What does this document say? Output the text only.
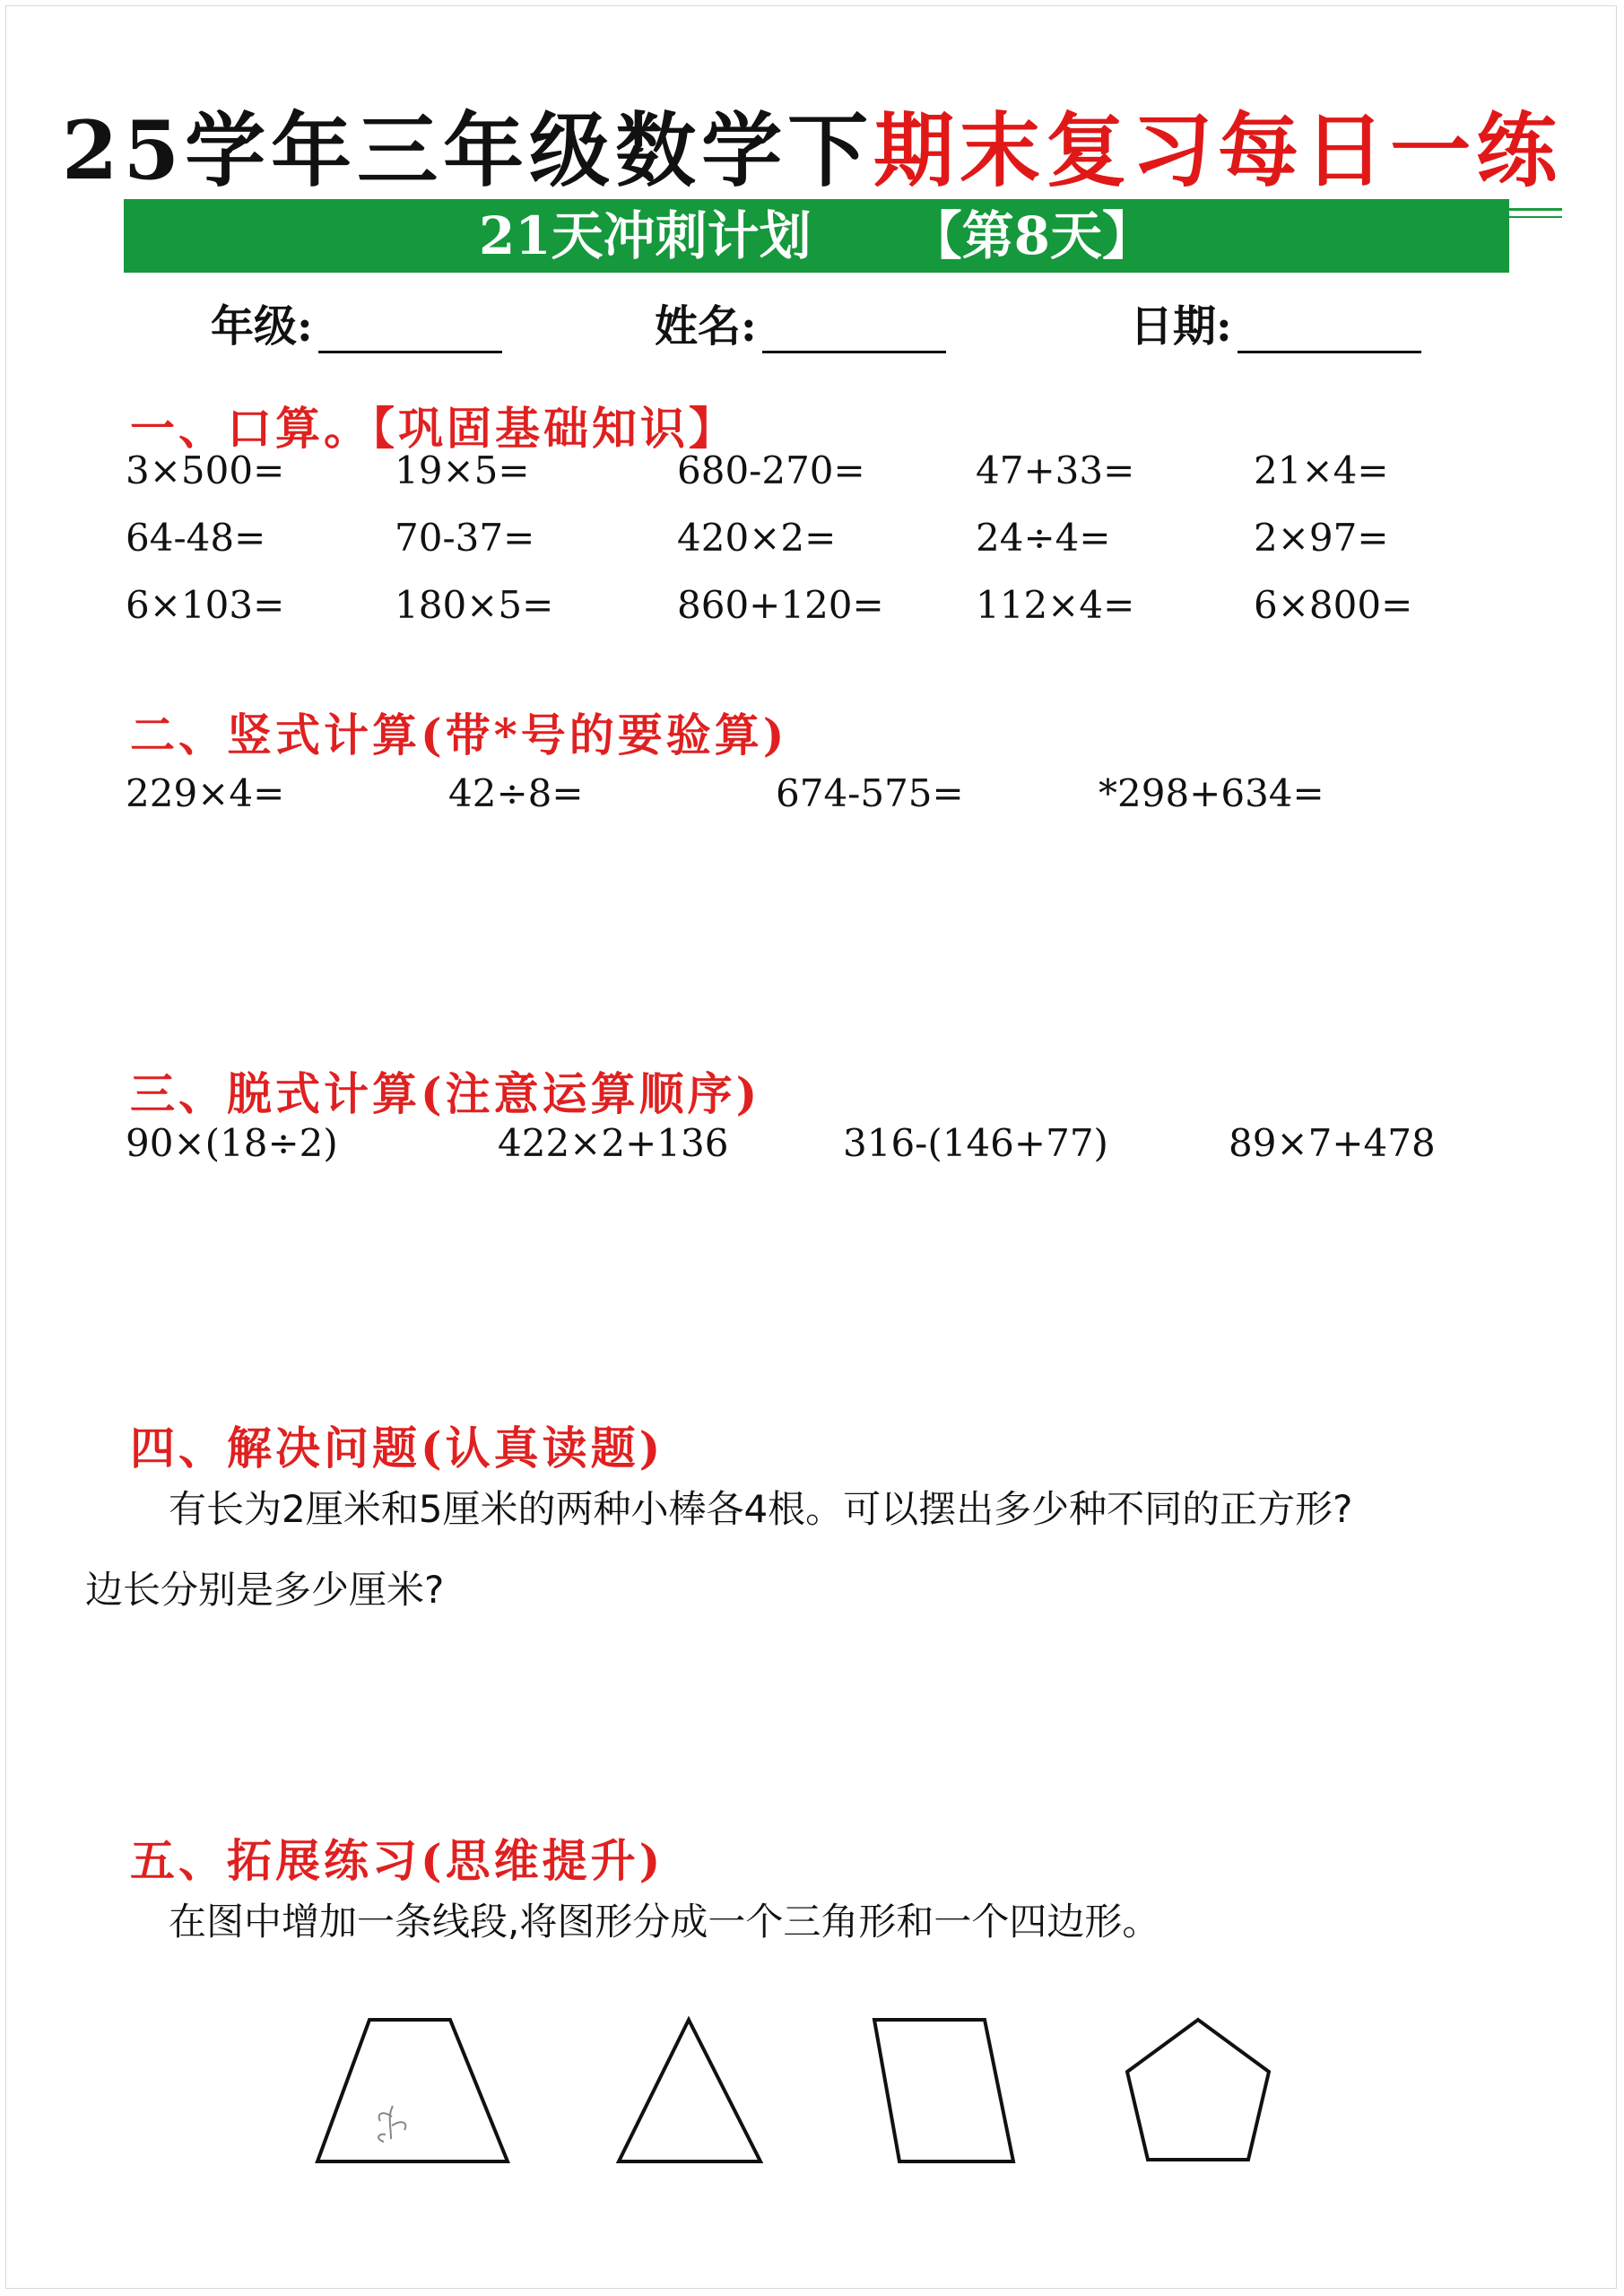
25学年三年级数学下期末复习每日一练
21天冲刺计划 【第8天】
年级:	姓名:	日期:
一、口算。【巩固基础知识】
3×500=	19×5=	680-270=	47+33=	21×4=
64-48=	70-37=	420×2=	24÷4=	2×97=
6×103=	180×5=	860+120= 112×4=	6×800=
二、竖式计算(带*号的要验算)
229×4=	42÷8=	674-575=	*298+634=
三、脱式计算(注意运算顺序)
90×(18÷2)	422×2+136	316-(146+77)	89×7+478
四、解决问题(认真读题)
有长为2厘米和5厘米的两种小棒各4根。可以摆出多少种不同的正方形?
边长分别是多少厘米?
五、拓展练习(思维提升)
在图中增加一条线段,将图形分成一个三角形和一个四边形。
